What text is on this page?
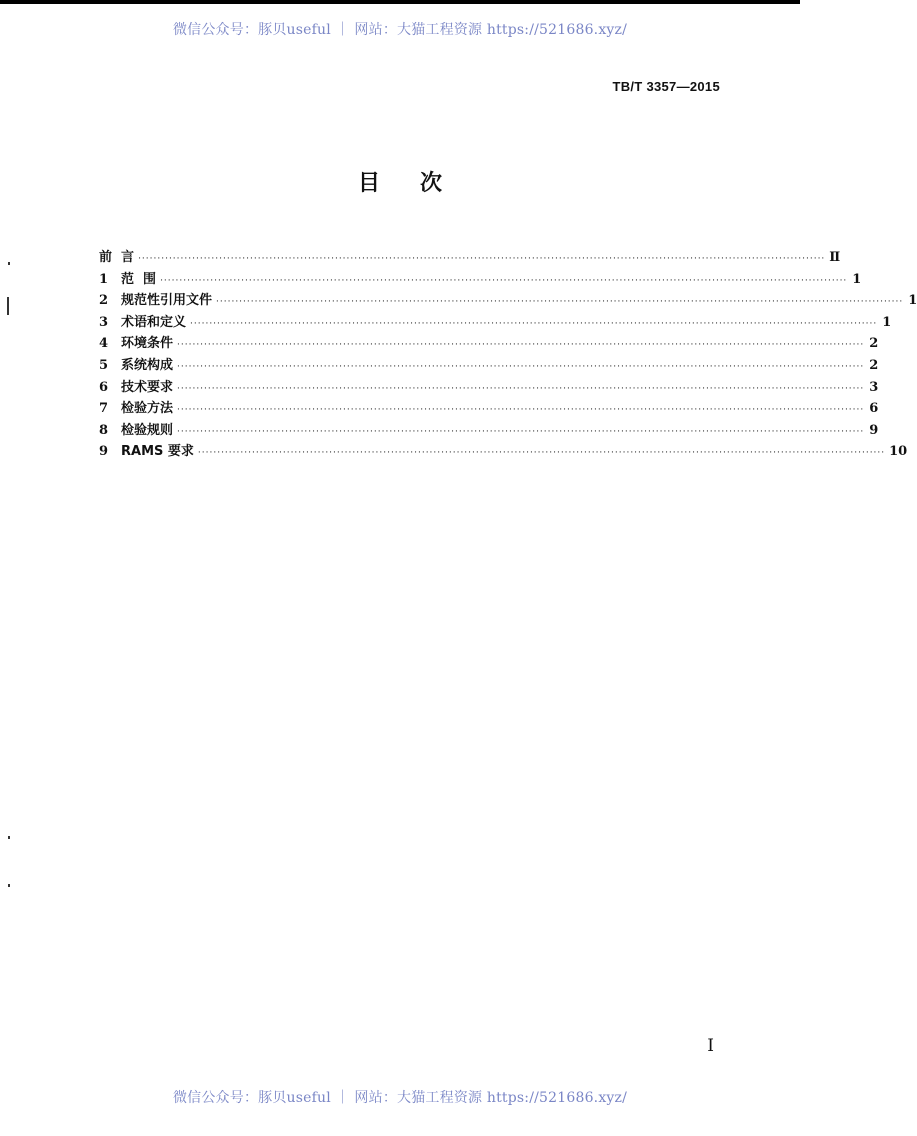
微信公众号：豚贝useful ｜ 网站：大猫工程资源 https://521686.xyz/
TB/T 3357—2015
目次
前  言 ·················································································································································································· Ⅱ
1 范  围 ·················································································································································································· 1
2 规范性引用文件 ·················································································································································································· 1
3 术语和定义 ·················································································································································································· 1
4 环境条件 ·················································································································································································· 2
5 系统构成 ·················································································································································································· 2
6 技术要求 ·················································································································································································· 3
7 检验方法 ·················································································································································································· 6
8 检验规则 ·················································································································································································· 9
9 RAMS 要求 ·················································································································································································· 10
Ⅰ
微信公众号：豚贝useful ｜ 网站：大猫工程资源 https://521686.xyz/
